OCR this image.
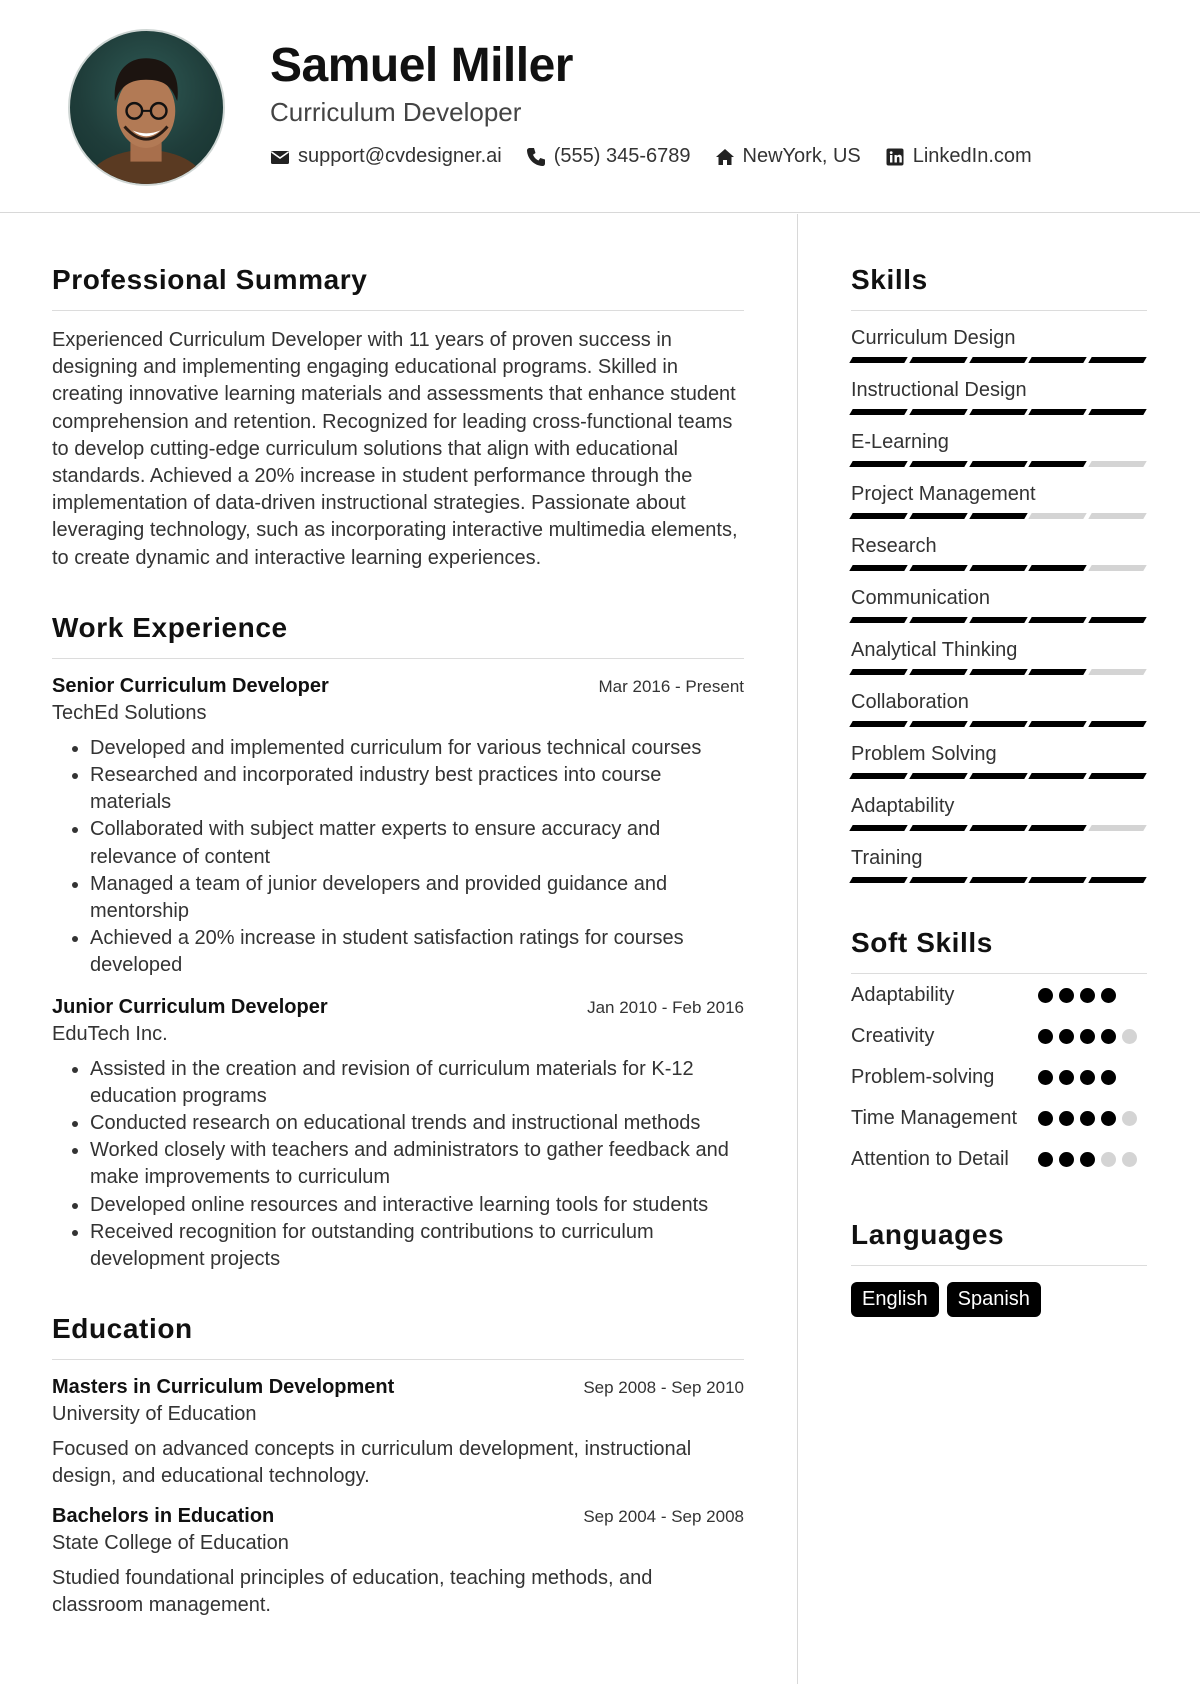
Samuel Miller
Curriculum Developer
support@cvdesigner.ai	(555) 345-6789	NewYork, US	LinkedIn.com
Professional Summary

Experienced Curriculum Developer with 11 years of proven success in designing and implementing engaging educational programs. Skilled in creating innovative learning materials and assessments that enhance student comprehension and retention. Recognized for leading cross-functional teams to develop cutting-edge curriculum solutions that align with educational standards. Achieved a 20% increase in student performance through the implementation of data-driven instructional strategies. Passionate about leveraging technology, such as incorporating interactive multimedia elements, to create dynamic and interactive learning experiences.

Work Experience
Senior Curriculum Developer	Mar 2016 - Present
TechEd Solutions
• Developed and implemented curriculum for various technical courses
• Researched and incorporated industry best practices into course materials
• Collaborated with subject matter experts to ensure accuracy and relevance of content
• Managed a team of junior developers and provided guidance and mentorship
• Achieved a 20% increase in student satisfaction ratings for courses developed
Junior Curriculum Developer	Jan 2010 - Feb 2016
EduTech Inc.
• Assisted in the creation and revision of curriculum materials for K-12 education programs
• Conducted research on educational trends and instructional methods
• Worked closely with teachers and administrators to gather feedback and make improvements to curriculum
• Developed online resources and interactive learning tools for students
• Received recognition for outstanding contributions to curriculum development projects
Education
Masters in Curriculum Development	Sep 2008 - Sep 2010
University of Education

Focused on advanced concepts in curriculum development, instructional design, and educational technology.

Bachelors in Education	Sep 2004 - Sep 2008
State College of Education

Studied foundational principles of education, teaching methods, and classroom management.

Skills
Curriculum Design
Instructional Design
E-Learning
Project Management
Research
Communication
Analytical Thinking
Collaboration
Problem Solving
Adaptability
Training
Soft Skills
Adaptability
Creativity
Problem-solving
Time Management
Attention to Detail
Languages
English	Spanish
